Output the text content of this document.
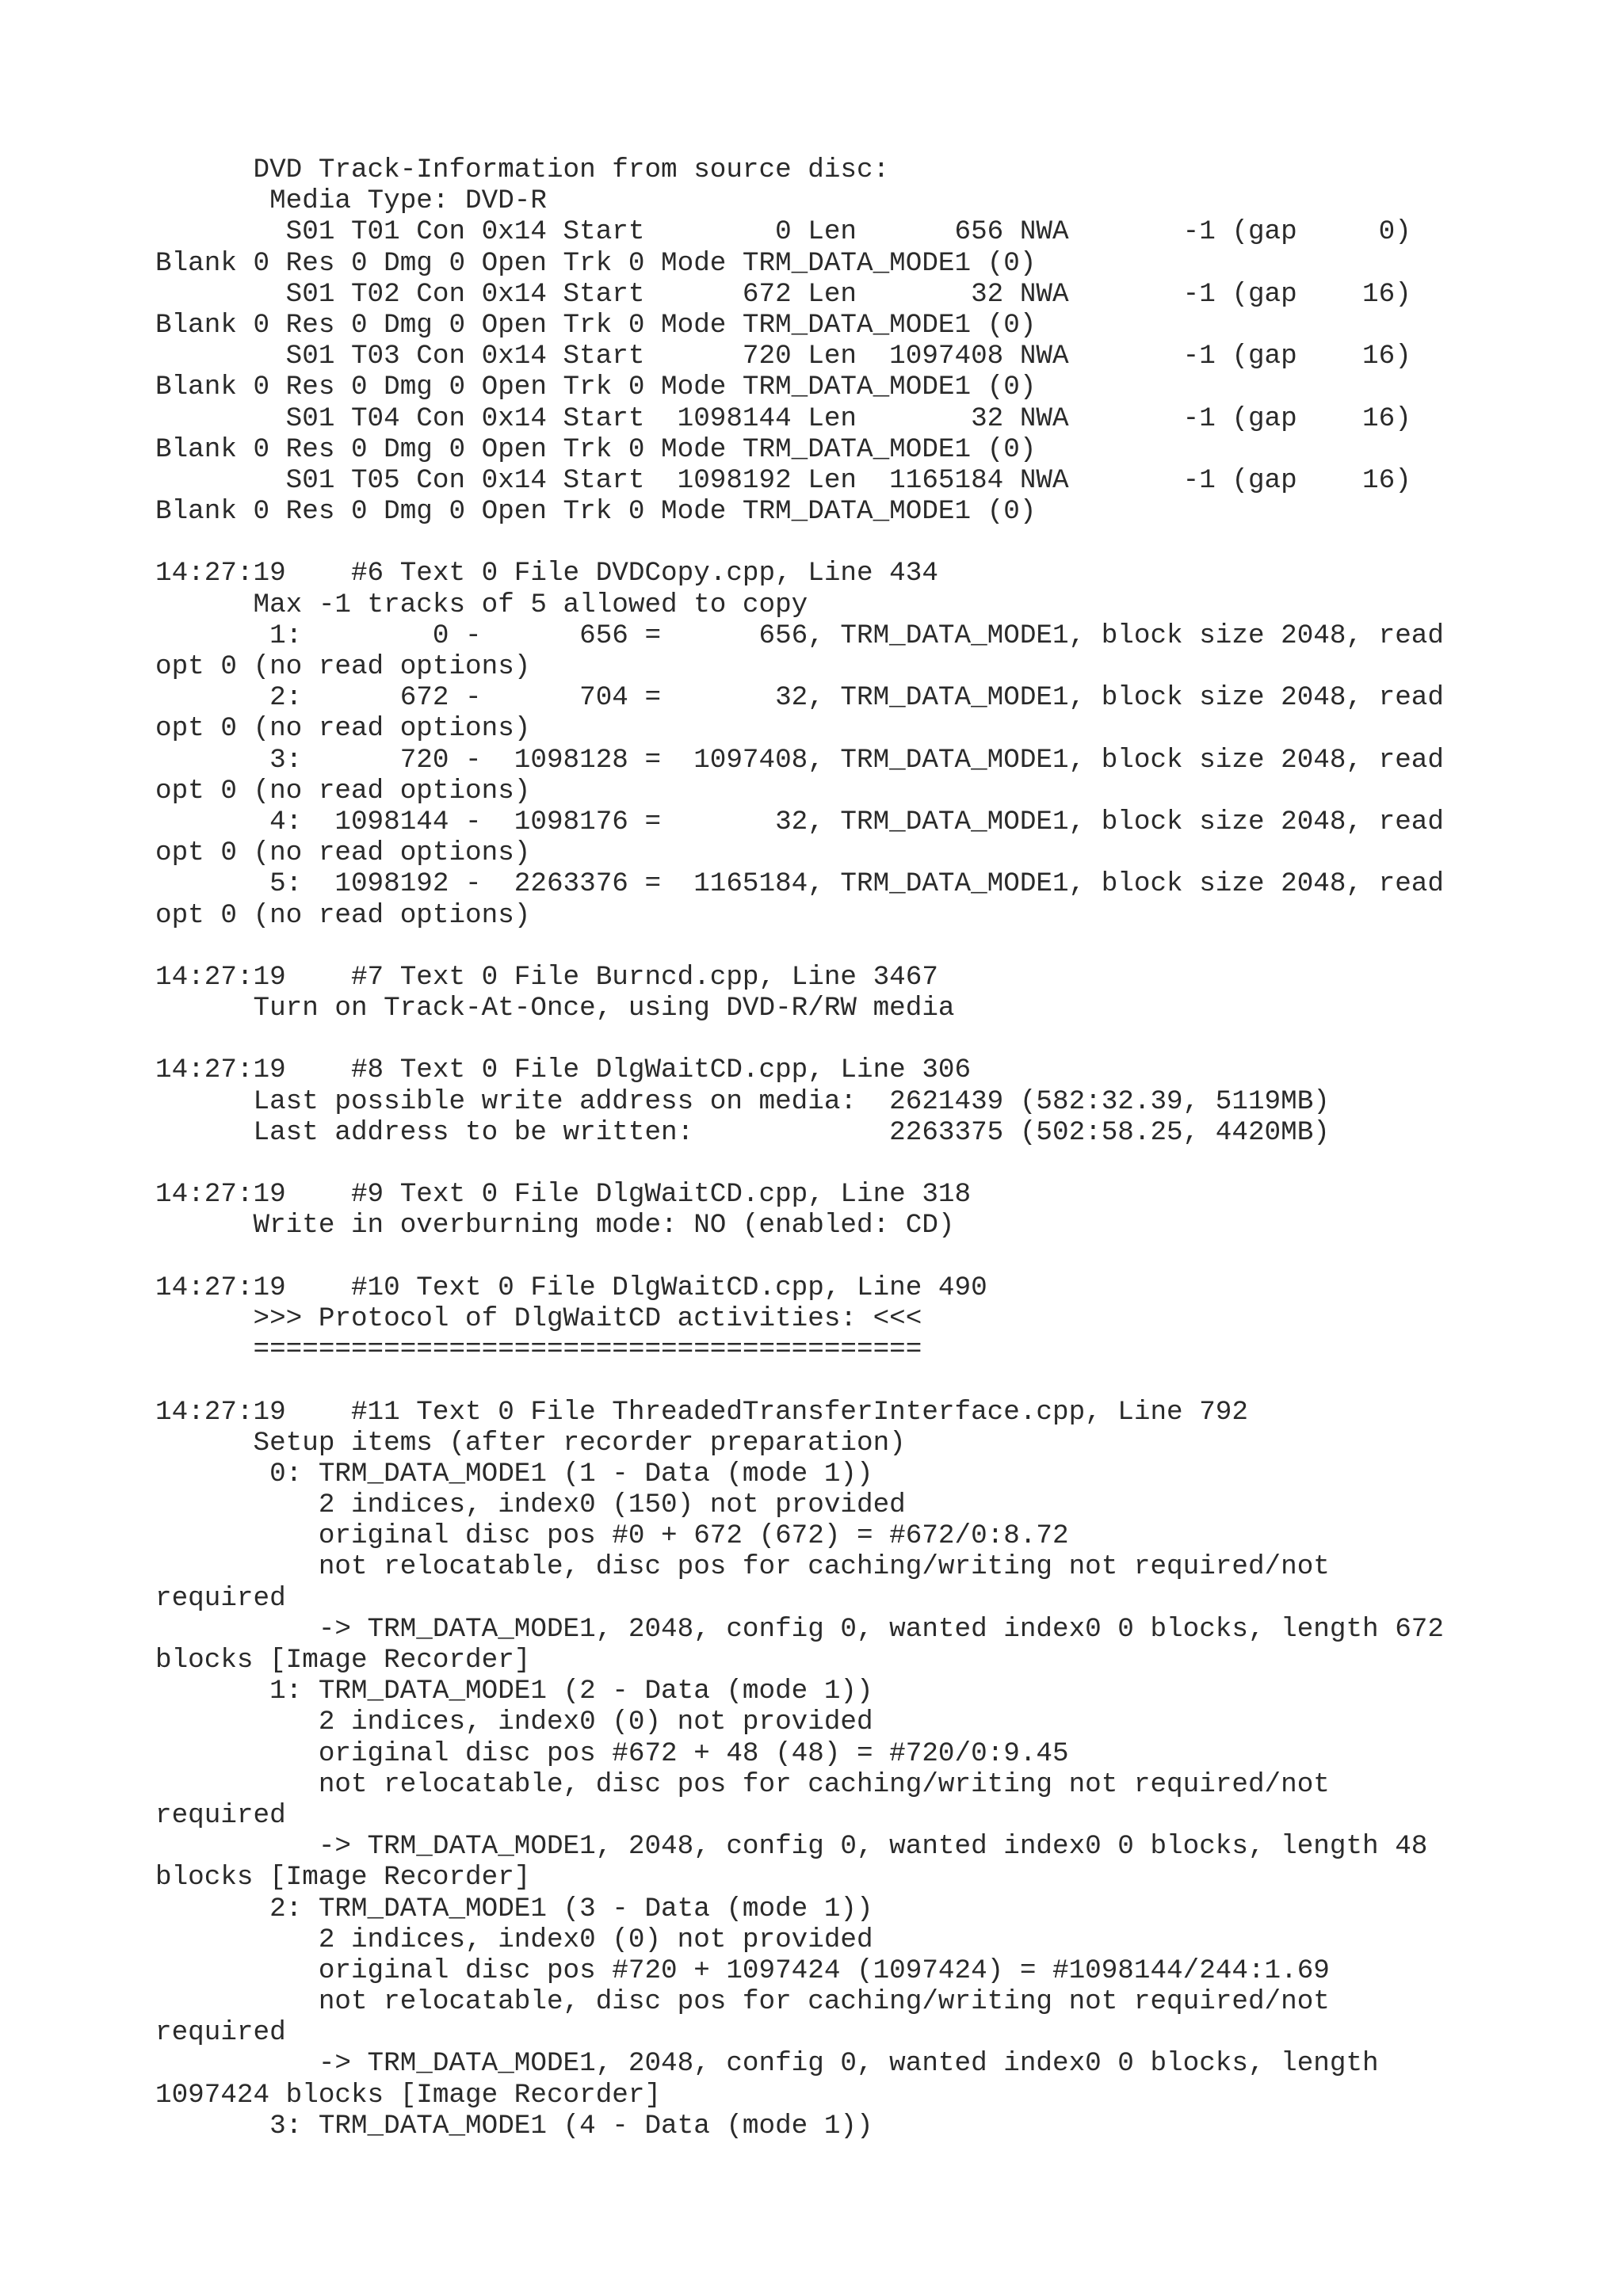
DVD Track-Information from source disc:
Media Type: DVD-R
S01 T01 Con 0x14 Start        0 Len      656 NWA       -1 (gap     0)
Blank 0 Res 0 Dmg 0 Open Trk 0 Mode TRM_DATA_MODE1 (0)
S01 T02 Con 0x14 Start      672 Len       32 NWA       -1 (gap    16)
Blank 0 Res 0 Dmg 0 Open Trk 0 Mode TRM_DATA_MODE1 (0)
S01 T03 Con 0x14 Start      720 Len  1097408 NWA       -1 (gap    16)
Blank 0 Res 0 Dmg 0 Open Trk 0 Mode TRM_DATA_MODE1 (0)
S01 T04 Con 0x14 Start  1098144 Len       32 NWA       -1 (gap    16)
Blank 0 Res 0 Dmg 0 Open Trk 0 Mode TRM_DATA_MODE1 (0)
S01 T05 Con 0x14 Start  1098192 Len  1165184 NWA       -1 (gap    16)
Blank 0 Res 0 Dmg 0 Open Trk 0 Mode TRM_DATA_MODE1 (0)
14:27:19    #6 Text 0 File DVDCopy.cpp, Line 434
Max -1 tracks of 5 allowed to copy
1:        0 -      656 =      656, TRM_DATA_MODE1, block size 2048, read
opt 0 (no read options)
2:      672 -      704 =       32, TRM_DATA_MODE1, block size 2048, read
opt 0 (no read options)
3:      720 -  1098128 =  1097408, TRM_DATA_MODE1, block size 2048, read
opt 0 (no read options)
4:  1098144 -  1098176 =       32, TRM_DATA_MODE1, block size 2048, read
opt 0 (no read options)
5:  1098192 -  2263376 =  1165184, TRM_DATA_MODE1, block size 2048, read
opt 0 (no read options)
14:27:19    #7 Text 0 File Burncd.cpp, Line 3467
Turn on Track-At-Once, using DVD-R/RW media
14:27:19    #8 Text 0 File DlgWaitCD.cpp, Line 306
Last possible write address on media:  2621439 (582:32.39, 5119MB)
Last address to be written:            2263375 (502:58.25, 4420MB)
14:27:19    #9 Text 0 File DlgWaitCD.cpp, Line 318
Write in overburning mode: NO (enabled: CD)
14:27:19    #10 Text 0 File DlgWaitCD.cpp, Line 490
>>> Protocol of DlgWaitCD activities: <<<
=========================================
14:27:19    #11 Text 0 File ThreadedTransferInterface.cpp, Line 792
Setup items (after recorder preparation)
0: TRM_DATA_MODE1 (1 - Data (mode 1))
2 indices, index0 (150) not provided
original disc pos #0 + 672 (672) = #672/0:8.72
not relocatable, disc pos for caching/writing not required/not
required
-> TRM_DATA_MODE1, 2048, config 0, wanted index0 0 blocks, length 672
blocks [Image Recorder]
1: TRM_DATA_MODE1 (2 - Data (mode 1))
2 indices, index0 (0) not provided
original disc pos #672 + 48 (48) = #720/0:9.45
not relocatable, disc pos for caching/writing not required/not
required
-> TRM_DATA_MODE1, 2048, config 0, wanted index0 0 blocks, length 48
blocks [Image Recorder]
2: TRM_DATA_MODE1 (3 - Data (mode 1))
2 indices, index0 (0) not provided
original disc pos #720 + 1097424 (1097424) = #1098144/244:1.69
not relocatable, disc pos for caching/writing not required/not
required
-> TRM_DATA_MODE1, 2048, config 0, wanted index0 0 blocks, length
1097424 blocks [Image Recorder]
3: TRM_DATA_MODE1 (4 - Data (mode 1))
